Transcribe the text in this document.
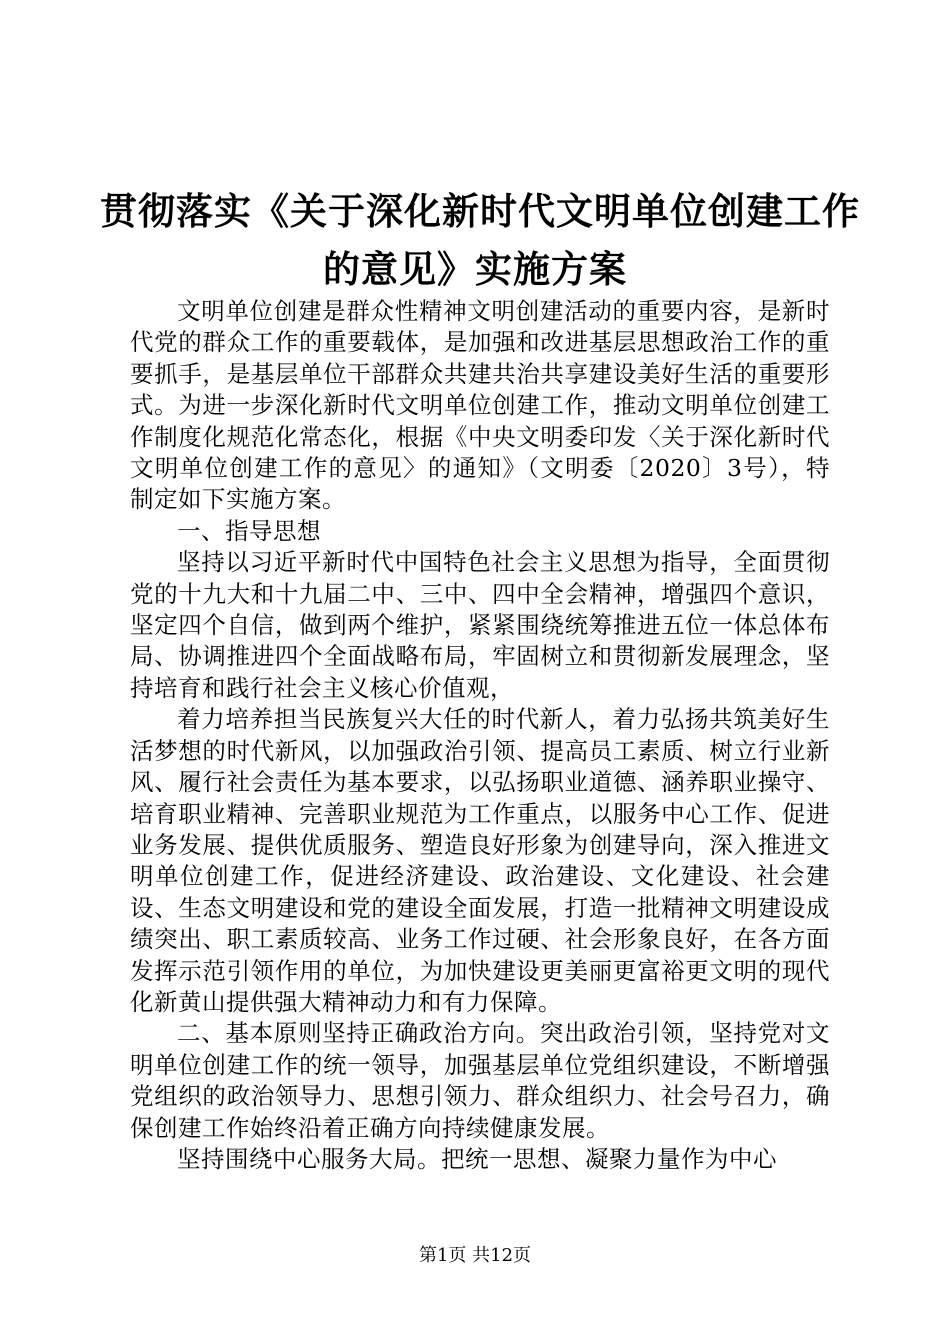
贯彻落实《关于深化新时代文明单位创建工作
的意见》实施方案

文明单位创建是群众性精神文明创建活动的重要内容，是新时代党的群众工作的重要载体，是加强和改进基层思想政治工作的重要抓手，是基层单位干部群众共建共治共享建设美好生活的重要形式。为进一步深化新时代文明单位创建工作，推动文明单位创建工作制度化规范化常态化，根据《中央文明委印发〈关于深化新时代文明单位创建工作的意见〉的通知》（文明委〔2020〕3号），特制定如下实施方案。

一、指导思想

坚持以习近平新时代中国特色社会主义思想为指导，全面贯彻党的十九大和十九届二中、三中、四中全会精神，增强四个意识，坚定四个自信，做到两个维护，紧紧围绕统筹推进五位一体总体布局、协调推进四个全面战略布局，牢固树立和贯彻新发展理念，坚持培育和践行社会主义核心价值观，

着力培养担当民族复兴大任的时代新人，着力弘扬共筑美好生活梦想的时代新风，以加强政治引领、提高员工素质、树立行业新风、履行社会责任为基本要求，以弘扬职业道德、涵养职业操守、培育职业精神、完善职业规范为工作重点，以服务中心工作、促进业务发展、提供优质服务、塑造良好形象为创建导向，深入推进文明单位创建工作，促进经济建设、政治建设、文化建设、社会建设、生态文明建设和党的建设全面发展，打造一批精神文明建设成绩突出、职工素质较高、业务工作过硬、社会形象良好，在各方面发挥示范引领作用的单位，为加快建设更美丽更富裕更文明的现代化新黄山提供强大精神动力和有力保障。

二、基本原则坚持正确政治方向。突出政治引领，坚持党对文明单位创建工作的统一领导，加强基层单位党组织建设，不断增强党组织的政治领导力、思想引领力、群众组织力、社会号召力，确保创建工作始终沿着正确方向持续健康发展。

坚持围绕中心服务大局。把统一思想、凝聚力量作为中心

第1页 共12页
